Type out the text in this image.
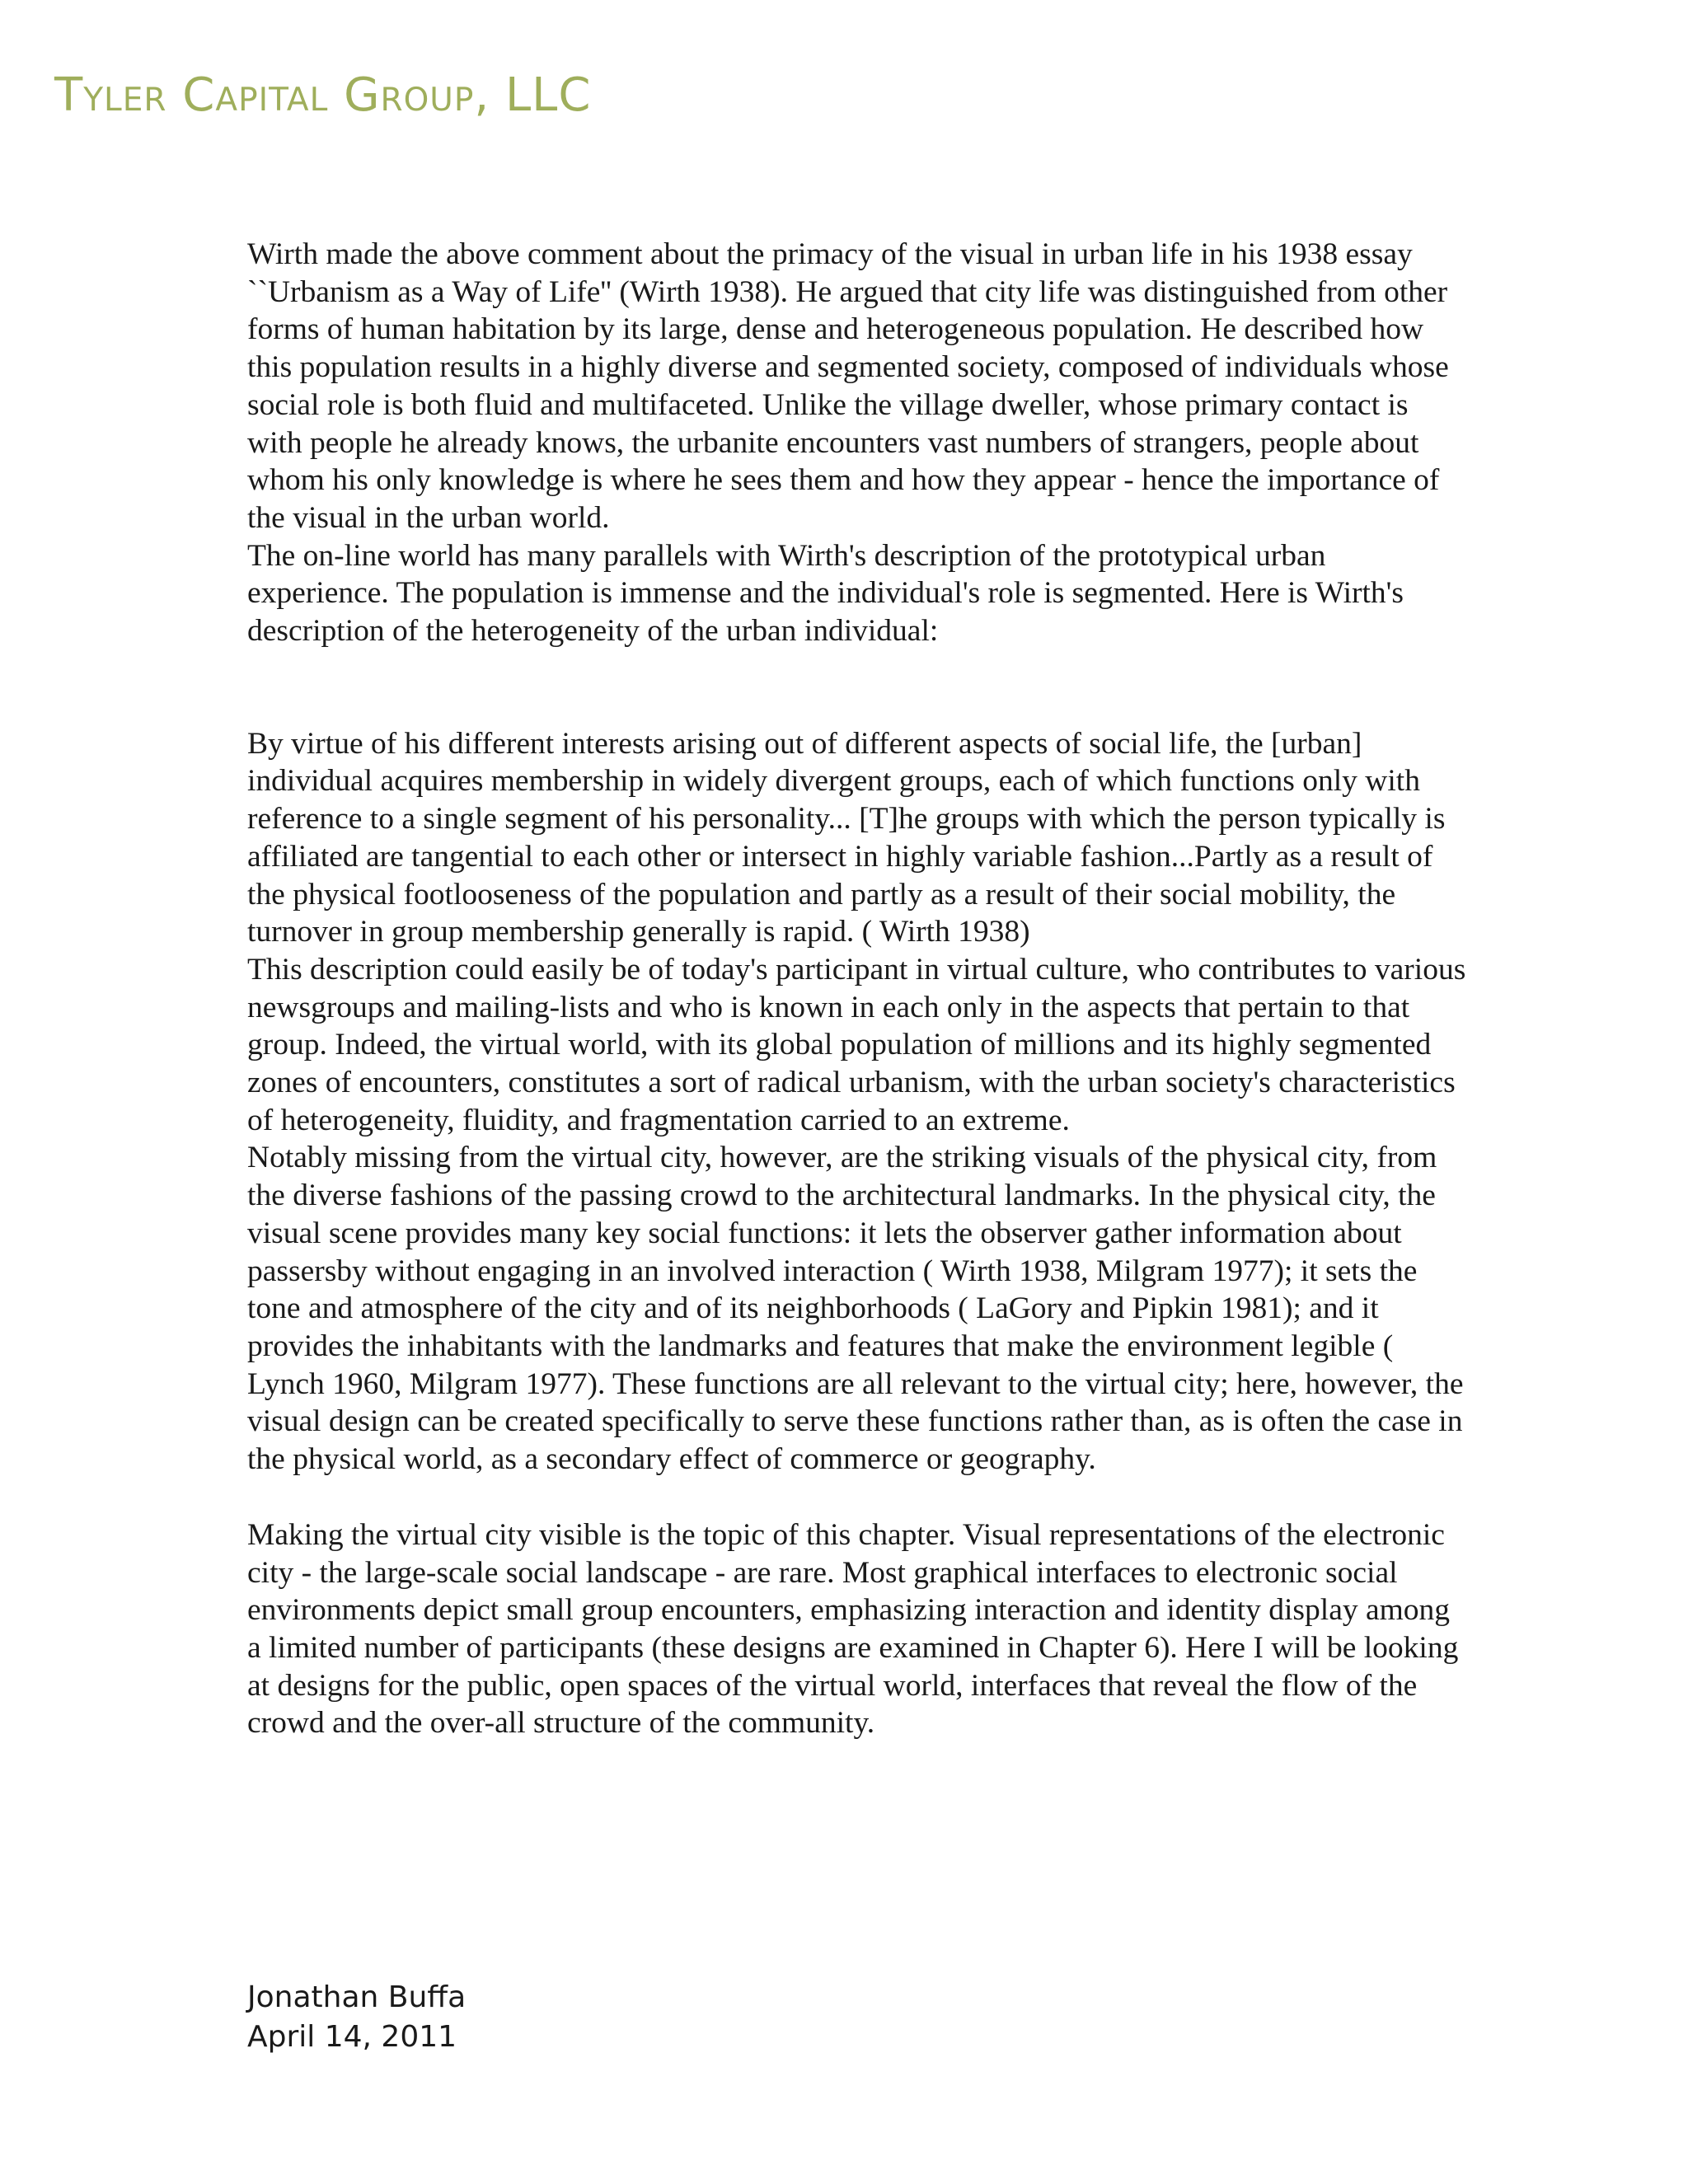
Tyler Capital Group, LLC

Wirth made the above comment about the primacy of the visual in urban life in his 1938 essay ``Urbanism as a Way of Life'' (Wirth 1938). He argued that city life was distinguished from other forms of human habitation by its large, dense and heterogeneous population. He described how this population results in a highly diverse and segmented society, composed of individuals whose social role is both fluid and multifaceted. Unlike the village dweller, whose primary contact is with people he already knows, the urbanite encounters vast numbers of strangers, people about whom his only knowledge is where he sees them and how they appear - hence the importance of the visual in the urban world.

The on-line world has many parallels with Wirth's description of the prototypical urban experience. The population is immense and the individual's role is segmented. Here is Wirth's description of the heterogeneity of the urban individual:

By virtue of his different interests arising out of different aspects of social life, the [urban] individual acquires membership in widely divergent groups, each of which functions only with reference to a single segment of his personality... [T]he groups with which the person typically is affiliated are tangential to each other or intersect in highly variable fashion...Partly as a result of the physical footlooseness of the population and partly as a result of their social mobility, the turnover in group membership generally is rapid. ( Wirth 1938)

This description could easily be of today's participant in virtual culture, who contributes to various newsgroups and mailing-lists and who is known in each only in the aspects that pertain to that group. Indeed, the virtual world, with its global population of millions and its highly segmented zones of encounters, constitutes a sort of radical urbanism, with the urban society's characteristics of heterogeneity, fluidity, and fragmentation carried to an extreme.

Notably missing from the virtual city, however, are the striking visuals of the physical city, from the diverse fashions of the passing crowd to the architectural landmarks. In the physical city, the visual scene provides many key social functions: it lets the observer gather information about passersby without engaging in an involved interaction ( Wirth 1938, Milgram 1977); it sets the tone and atmosphere of the city and of its neighborhoods ( LaGory and Pipkin 1981); and it provides the inhabitants with the landmarks and features that make the environment legible ( Lynch 1960, Milgram 1977). These functions are all relevant to the virtual city; here, however, the visual design can be created specifically to serve these functions rather than, as is often the case in the physical world, as a secondary effect of commerce or geography.

Making the virtual city visible is the topic of this chapter. Visual representations of the electronic city - the large-scale social landscape - are rare. Most graphical interfaces to electronic social environments depict small group encounters, emphasizing interaction and identity display among a limited number of participants (these designs are examined in Chapter 6). Here I will be looking at designs for the public, open spaces of the virtual world, interfaces that reveal the flow of the crowd and the over-all structure of the community.

Jonathan Buffa
April 14, 2011
